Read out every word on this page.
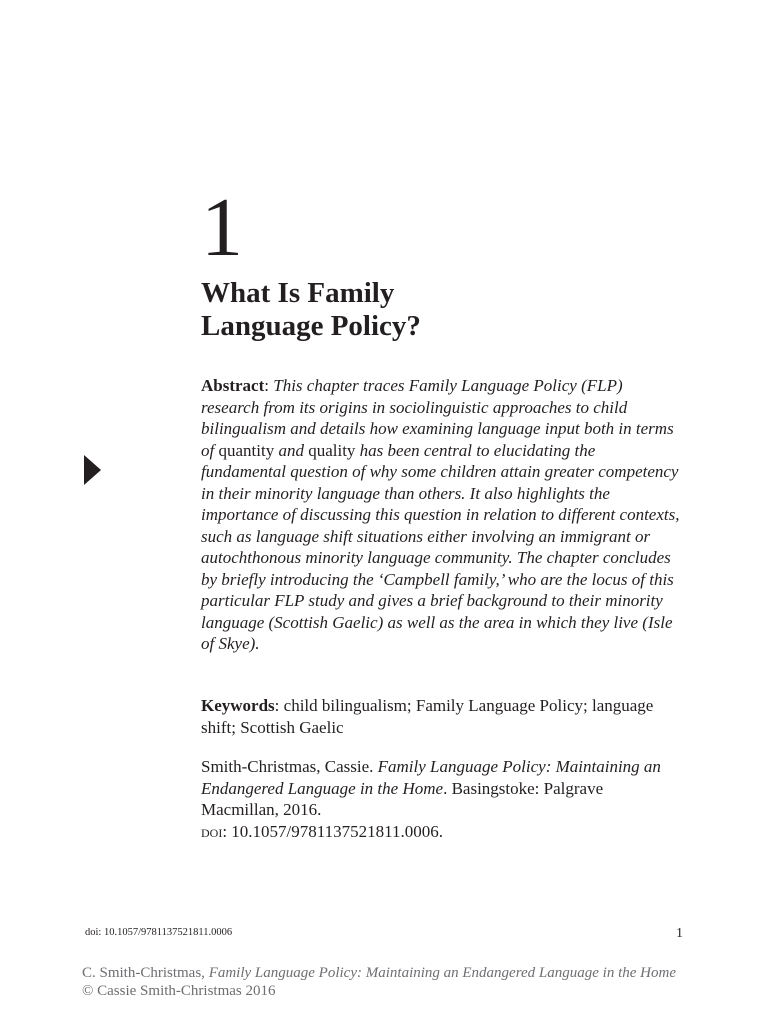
1
What Is Family
Language Policy?
Abstract: This chapter traces Family Language Policy (FLP) research from its origins in sociolinguistic approaches to child bilingualism and details how examining language input both in terms of quantity and quality has been central to elucidating the fundamental question of why some children attain greater competency in their minority language than others. It also highlights the importance of discussing this question in relation to different contexts, such as language shift situations either involving an immigrant or autochthonous minority language community. The chapter concludes by briefly introducing the ‘Campbell family,’ who are the locus of this particular FLP study and gives a brief background to their minority language (Scottish Gaelic) as well as the area in which they live (Isle of Skye).
Keywords: child bilingualism; Family Language Policy; language shift; Scottish Gaelic
Smith-Christmas, Cassie. Family Language Policy: Maintaining an Endangered Language in the Home. Basingstoke: Palgrave Macmillan, 2016.
doi: 10.1057/9781137521811.0006.
doi: 10.1057/9781137521811.0006	1
C. Smith-Christmas, Family Language Policy: Maintaining an Endangered Language in the Home
© Cassie Smith-Christmas 2016
